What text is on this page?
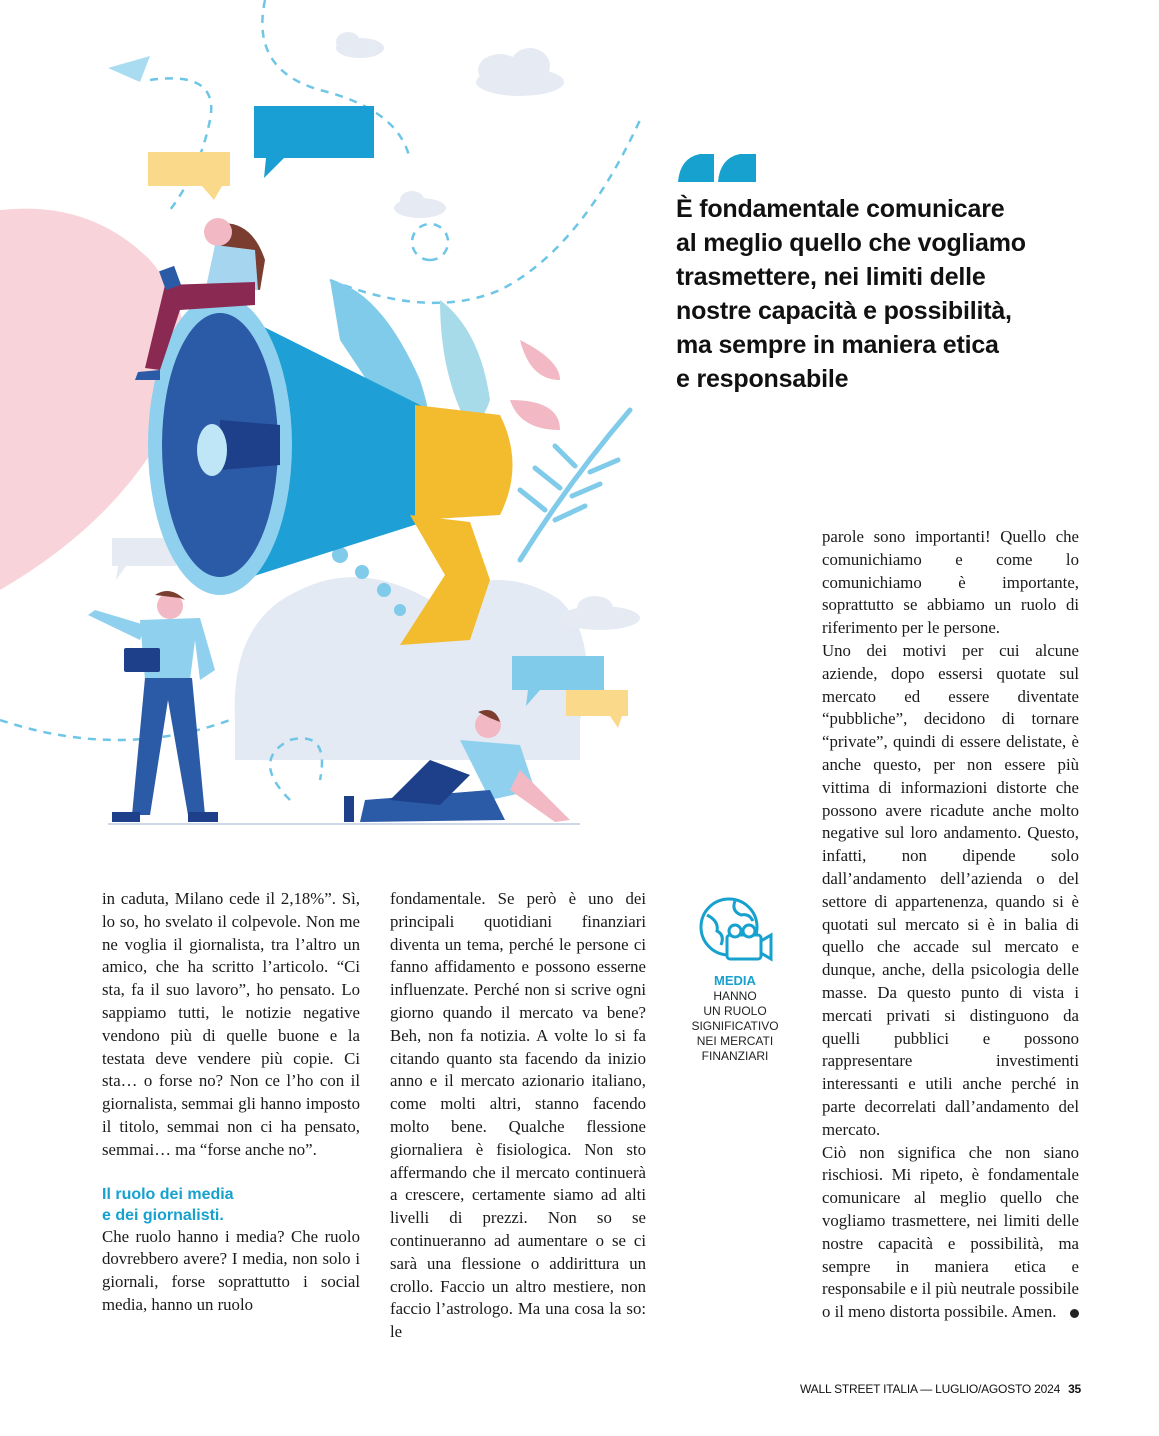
È fondamentale comunicare
al meglio quello che vogliamo
trasmettere, nei limiti delle
nostre capacità e possibilità,
ma sempre in maniera etica
e responsabile

in caduta, Milano cede il 2,18%”. Sì, lo so, ho svelato il colpevole. Non me ne voglia il giornalista, tra l’altro un amico, che ha scritto l’articolo. “Ci sta, fa il suo lavoro”, ho pensato. Lo sappiamo tutti, le notizie negative vendono più di quelle buone e la testata deve vendere più copie. Ci sta… o forse no? Non ce l’ho con il giornalista, semmai gli hanno imposto il titolo, semmai non ci ha pensato, semmai… ma “forse anche no”.

Il ruolo dei media
e dei giornalisti.

Che ruolo hanno i media? Che ruolo dovrebbero avere? I media, non solo i giornali, forse soprattutto i social media, hanno un ruolo

fondamentale. Se però è uno dei principali quotidiani finanziari diventa un tema, perché le persone ci fanno affidamento e possono esserne influenzate. Perché non si scrive ogni giorno quando il mercato va bene? Beh, non fa notizia. A volte lo si fa citando quanto sta facendo da inizio anno e il mercato azionario italiano, come molti altri, stanno facendo molto bene. Qualche flessione giornaliera è fisiologica. Non sto affermando che il mercato continuerà a crescere, certamente siamo ad alti livelli di prezzi. Non so se continueranno ad aumentare o se ci sarà una flessione o addirittura un crollo. Faccio un altro mestiere, non faccio l’astrologo. Ma una cosa la so: le

MEDIA
HANNO
UN RUOLO
SIGNIFICATIVO
NEI MERCATI
FINANZIARI

parole sono importanti! Quello che comunichiamo e come lo comunichiamo è importante, soprattutto se abbiamo un ruolo di riferimento per le persone.

Uno dei motivi per cui alcune aziende, dopo essersi quotate sul mercato ed essere diventate “pubbliche”, decidono di tornare “private”, quindi di essere delistate, è anche questo, per non essere più vittima di informazioni distorte che possono avere ricadute anche molto negative sul loro andamento. Questo, infatti, non dipende solo dall’andamento dell’azienda o del settore di appartenenza, quando si è quotati sul mercato si è in balia di quello che accade sul mercato e dunque, anche, della psicologia delle masse. Da questo punto di vista i mercati privati si distinguono da quelli pubblici e possono rappresentare investimenti interessanti e utili anche perché in parte decorrelati dall’andamento del mercato.

Ciò non significa che non siano rischiosi. Mi ripeto, è fondamentale comunicare al meglio quello che vogliamo trasmettere, nei limiti delle nostre capacità e possibilità, ma sempre in maniera etica e responsabile e il più neutrale possibile o il meno distorta possibile. Amen.

WALL STREET ITALIA — LUGLIO/AGOSTO 2024 35
